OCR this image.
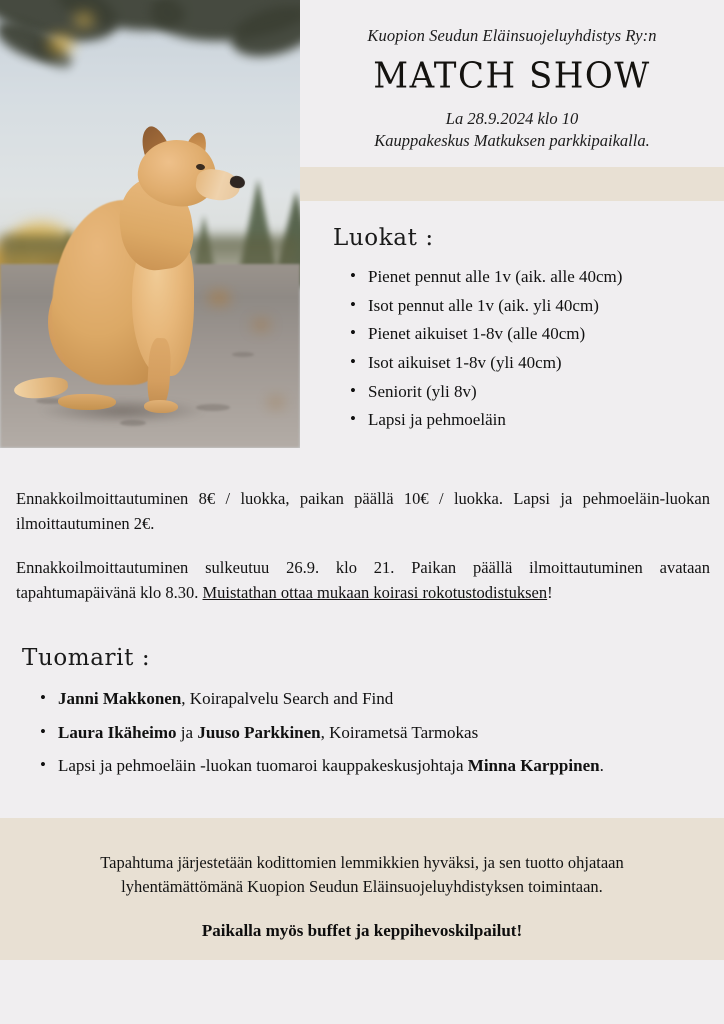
Kuopion Seudun Eläinsuojeluyhdistys Ry:n
MATCH SHOW
La 28.9.2024 klo 10
Kauppakeskus Matkuksen parkkipaikalla.
Luokat :
• Pienet pennut alle 1v (aik. alle 40cm)
• Isot pennut alle 1v (aik. yli 40cm)
• Pienet aikuiset 1-8v (alle 40cm)
• Isot aikuiset 1-8v (yli 40cm)
• Seniorit (yli 8v)
• Lapsi ja pehmoeläin
Ennakkoilmoittautuminen 8€ / luokka, paikan päällä 10€ / luokka. Lapsi ja pehmoeläin-luokan ilmoittautuminen 2€.
Ennakkoilmoittautuminen sulkeutuu 26.9. klo 21. Paikan päällä ilmoittautuminen avataan tapahtumapäivänä klo 8.30. Muistathan ottaa mukaan koirasi rokotustodistuksen!
Tuomarit :
• Janni Makkonen, Koirapalvelu Search and Find
• Laura Ikäheimo ja Juuso Parkkinen, Koirametsä Tarmokas
• Lapsi ja pehmoeläin -luokan tuomaroi kauppakeskusjohtaja Minna Karppinen.
Tapahtuma järjestetään kodittomien lemmikkien hyväksi, ja sen tuotto ohjataan lyhentämättömänä Kuopion Seudun Eläinsuojeluyhdistyksen toimintaan.
Paikalla myös buffet ja keppihevoskilpailut!
